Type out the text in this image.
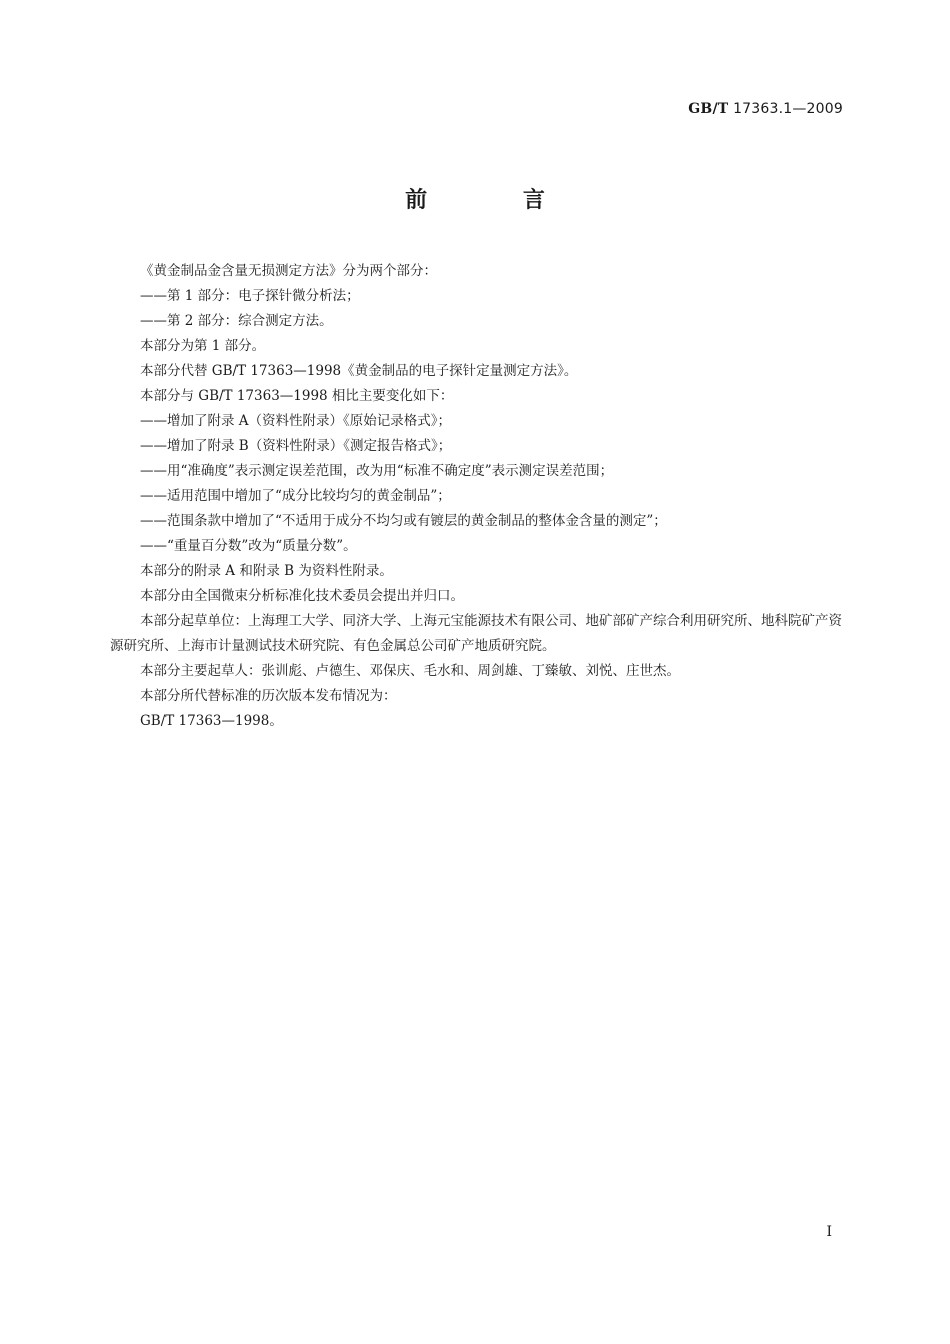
GB/T 17363.1—2009
前 言

《黄金制品金含量无损测定方法》分为两个部分：

——第 1 部分：电子探针微分析法；

——第 2 部分：综合测定方法。

本部分为第 1 部分。

本部分代替 GB/T 17363—1998《黄金制品的电子探针定量测定方法》。

本部分与 GB/T 17363—1998 相比主要变化如下：

——增加了附录 A（资料性附录）《原始记录格式》；

——增加了附录 B（资料性附录）《测定报告格式》；

——用“准确度”表示测定误差范围，改为用“标准不确定度”表示测定误差范围；

——适用范围中增加了“成分比较均匀的黄金制品”；

——范围条款中增加了“不适用于成分不均匀或有镀层的黄金制品的整体金含量的测定”；

——“重量百分数”改为“质量分数”。

本部分的附录 A 和附录 B 为资料性附录。

本部分由全国微束分析标准化技术委员会提出并归口。

本部分起草单位：上海理工大学、同济大学、上海元宝能源技术有限公司、地矿部矿产综合利用研究所、地科院矿产资源研究所、上海市计量测试技术研究院、有色金属总公司矿产地质研究院。

本部分主要起草人：张训彪、卢德生、邓保庆、毛水和、周剑雄、丁臻敏、刘悦、庄世杰。

本部分所代替标准的历次版本发布情况为：

GB/T 17363—1998。

I
